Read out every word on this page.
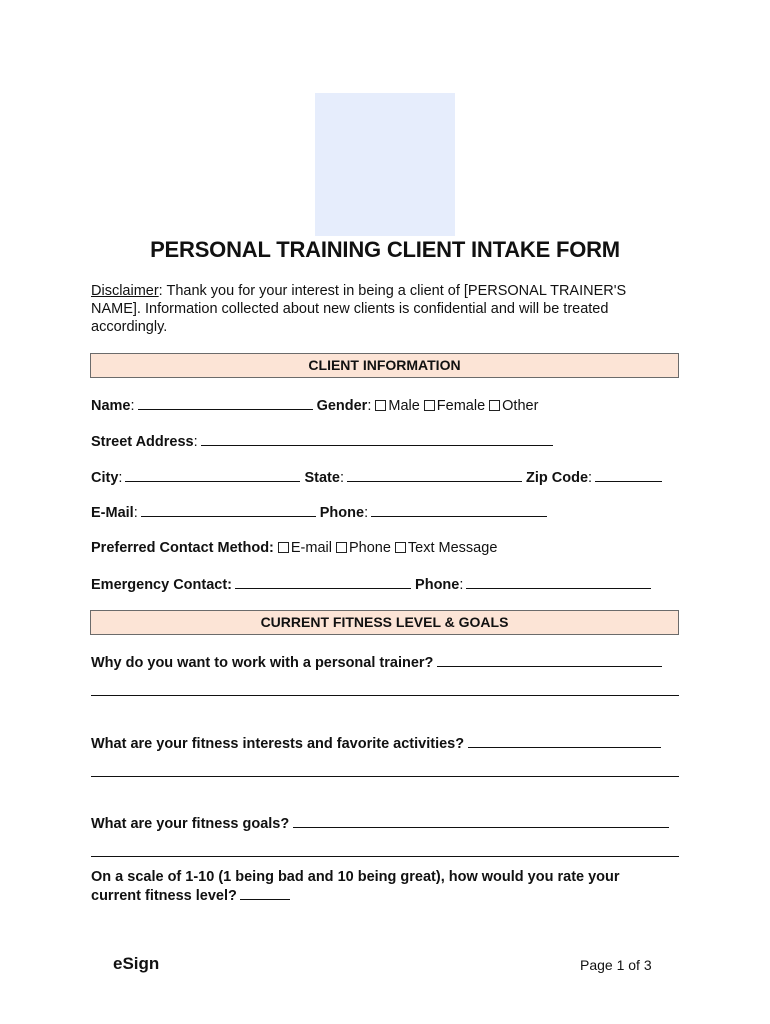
PERSONAL TRAINING CLIENT INTAKE FORM
Disclaimer: Thank you for your interest in being a client of [PERSONAL TRAINER'S NAME]. Information collected about new clients is confidential and will be treated accordingly.
CLIENT INFORMATION
Name:	Gender: Male Female Other
Street Address:
City:	State:	Zip Code:
E-Mail:	Phone:
Preferred Contact Method: E-mail Phone Text Message
Emergency Contact:	Phone:
CURRENT FITNESS LEVEL & GOALS
Why do you want to work with a personal trainer?
What are your fitness interests and favorite activities?
What are your fitness goals?
On a scale of 1-10 (1 being bad and 10 being great), how would you rate your current fitness level?
eSign	Page 1 of 3
